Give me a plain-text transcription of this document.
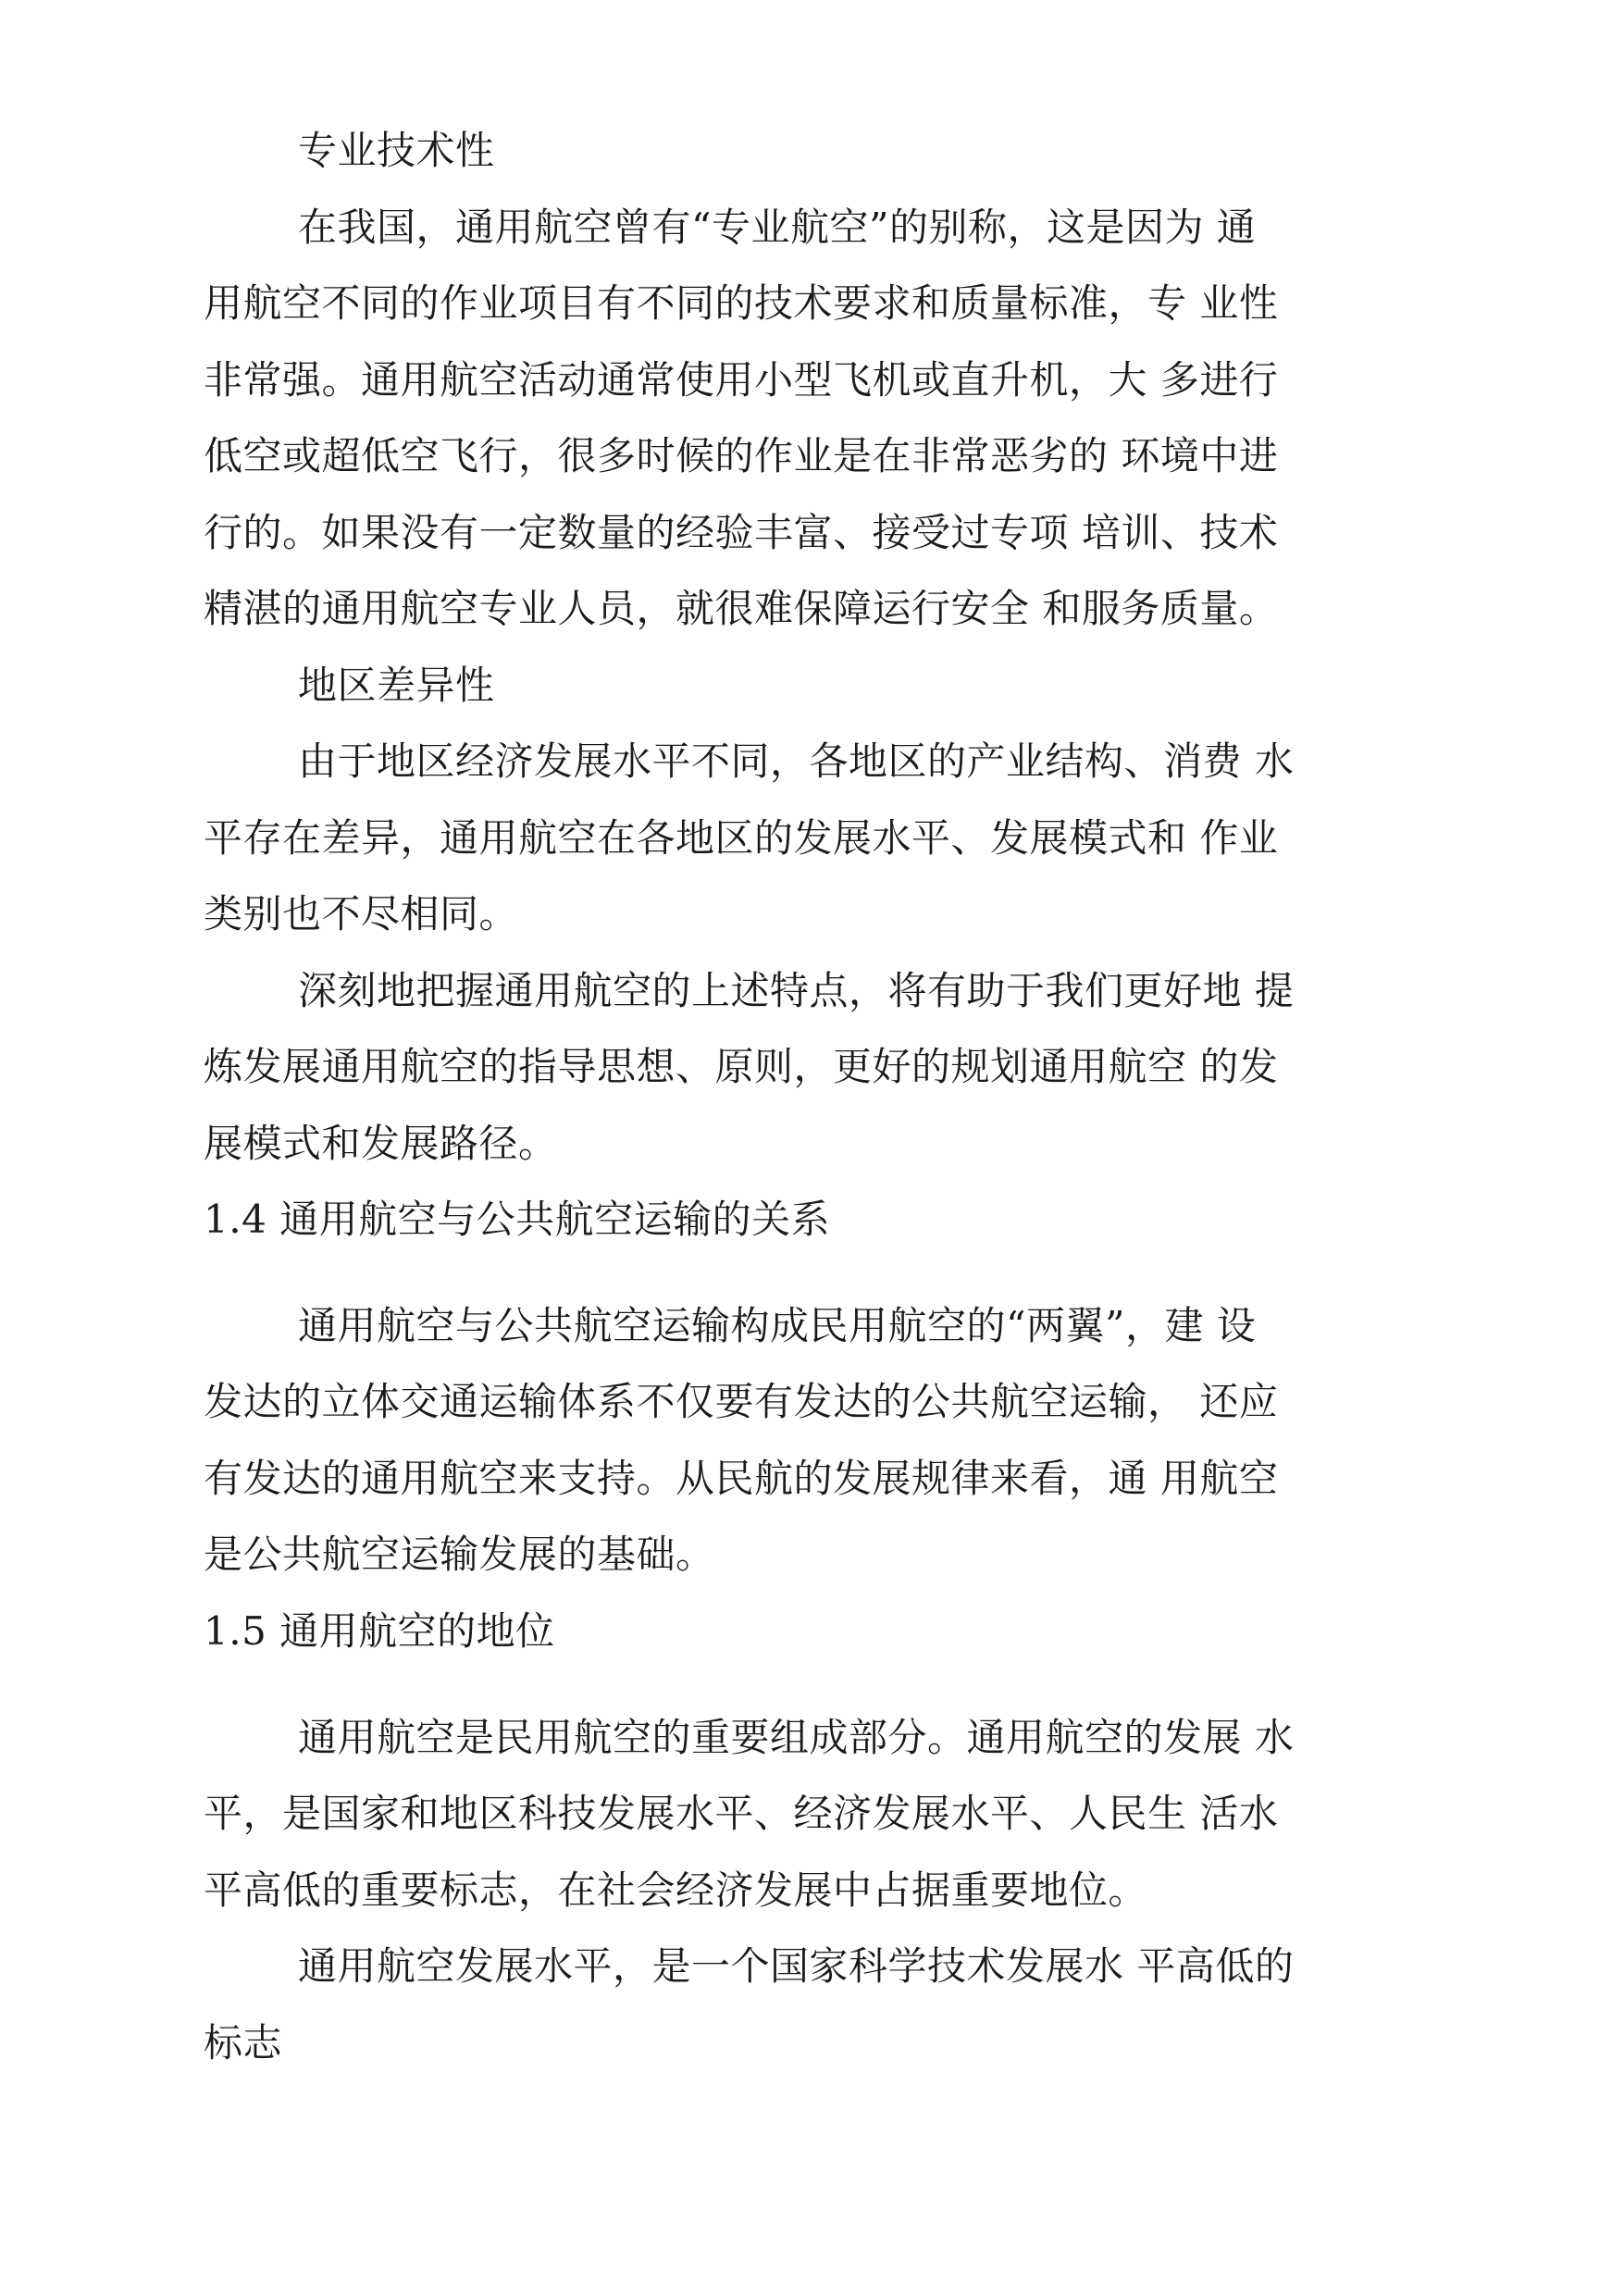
专业技术性
在我国，通用航空曾有“专业航空”的别称，这是因为 通
用航空不同的作业项目有不同的技术要求和质量标准，专 业性
非常强。通用航空活动通常使用小型飞机或直升机，大 多进行
低空或超低空飞行，很多时候的作业是在非常恶劣的 环境中进
行的。如果没有一定数量的经验丰富、接受过专项 培训、技术
精湛的通用航空专业人员，就很难保障运行安全 和服务质量。
地区差异性
由于地区经济发展水平不同，各地区的产业结构、消费 水
平存在差异，通用航空在各地区的发展水平、发展模式和 作业
类别也不尽相同。
深刻地把握通用航空的上述特点，将有助于我们更好地 提
炼发展通用航空的指导思想、原则，更好的规划通用航空 的发
展模式和发展路径。
1.4 通用航空与公共航空运输的关系
通用航空与公共航空运输构成民用航空的“两翼”，建 设
发达的立体交通运输体系不仅要有发达的公共航空运输， 还应
有发达的通用航空来支持。从民航的发展规律来看，通 用航空
是公共航空运输发展的基础。
1.5 通用航空的地位
通用航空是民用航空的重要组成部分。通用航空的发展 水
平，是国家和地区科技发展水平、经济发展水平、人民生 活水
平高低的重要标志，在社会经济发展中占据重要地位。
通用航空发展水平，是一个国家科学技术发展水 平高低的
标志
